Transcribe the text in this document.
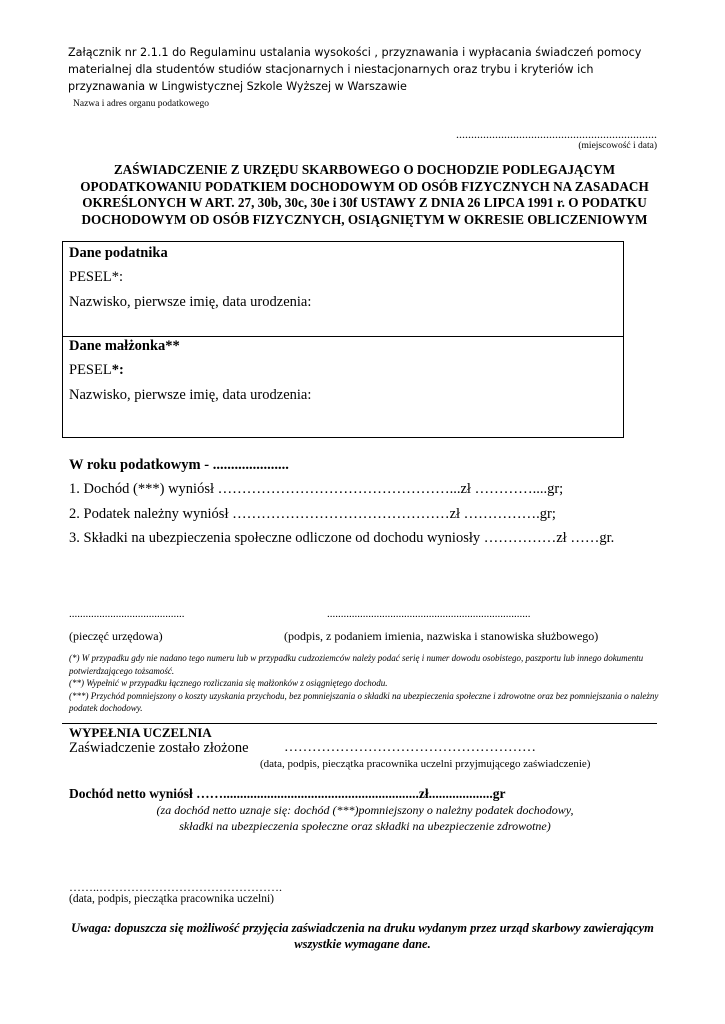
Załącznik nr 2.1.1 do Regulaminu ustalania wysokości , przyznawania i wypłacania świadczeń pomocy materialnej dla studentów studiów stacjonarnych i niestacjonarnych oraz trybu i kryteriów ich przyznawania w Lingwistycznej Szkole Wyższej w Warszawie
Nazwa i adres organu podatkowego
...................................................................
(miejscowość i data)
ZAŚWIADCZENIE Z URZĘDU SKARBOWEGO O DOCHODZIE PODLEGAJĄCYM OPODATKOWANIU PODATKIEM DOCHODOWYM OD OSÓB FIZYCZNYCH NA ZASADACH OKREŚLONYCH W ART. 27, 30b, 30c, 30e i 30f USTAWY Z DNIA 26 LIPCA 1991 r. O PODATKU DOCHODOWYM OD OSÓB FIZYCZNYCH, OSIĄGNIĘTYM W OKRESIE OBLICZENIOWYM
Dane podatnika
PESEL*:
Nazwisko, pierwsze imię, data urodzenia:
Dane małżonka**
PESEL*:
Nazwisko, pierwsze imię, data urodzenia:
W roku podatkowym - .....................
1. Dochód (***) wyniósł …………………………………………...zł …………....gr;
2. Podatek należny wyniósł ………………………………………zł …………….gr;
3. Składki na ubezpieczenia społeczne odliczone od dochodu wyniosły ……………zł ……gr.
..........................................	..........................................................................
(pieczęć urzędowa)	(podpis, z podaniem imienia, nazwiska i stanowiska służbowego)
(*) W przypadku gdy nie nadano tego numeru lub w przypadku cudzoziemców należy podać serię i numer dowodu osobistego, paszportu lub innego dokumentu potwierdzającego tożsamość.
(**) Wypełnić w przypadku łącznego rozliczania się małżonków z osiągniętego dochodu.
(***) Przychód pomniejszony o koszty uzyskania przychodu, bez pomniejszania o składki na ubezpieczenia społeczne i zdrowotne oraz bez pomniejszania o należny podatek dochodowy.
WYPEŁNIA UCZELNIA
Zaświadczenie zostało złożone	………………………………………………
(data, podpis, pieczątka pracownika uczelni przyjmującego zaświadczenie)
Dochód netto wyniósł ……..........................................................zł...................gr
(za dochód netto uznaje się: dochód (***)pomniejszony o należny podatek dochodowy, składki na ubezpieczenia społeczne oraz składki na ubezpieczenie zdrowotne)
……..……………………………………….
(data, podpis, pieczątka pracownika uczelni)
Uwaga: dopuszcza się możliwość przyjęcia zaświadczenia na druku wydanym przez urząd skarbowy zawierającym wszystkie wymagane dane.
